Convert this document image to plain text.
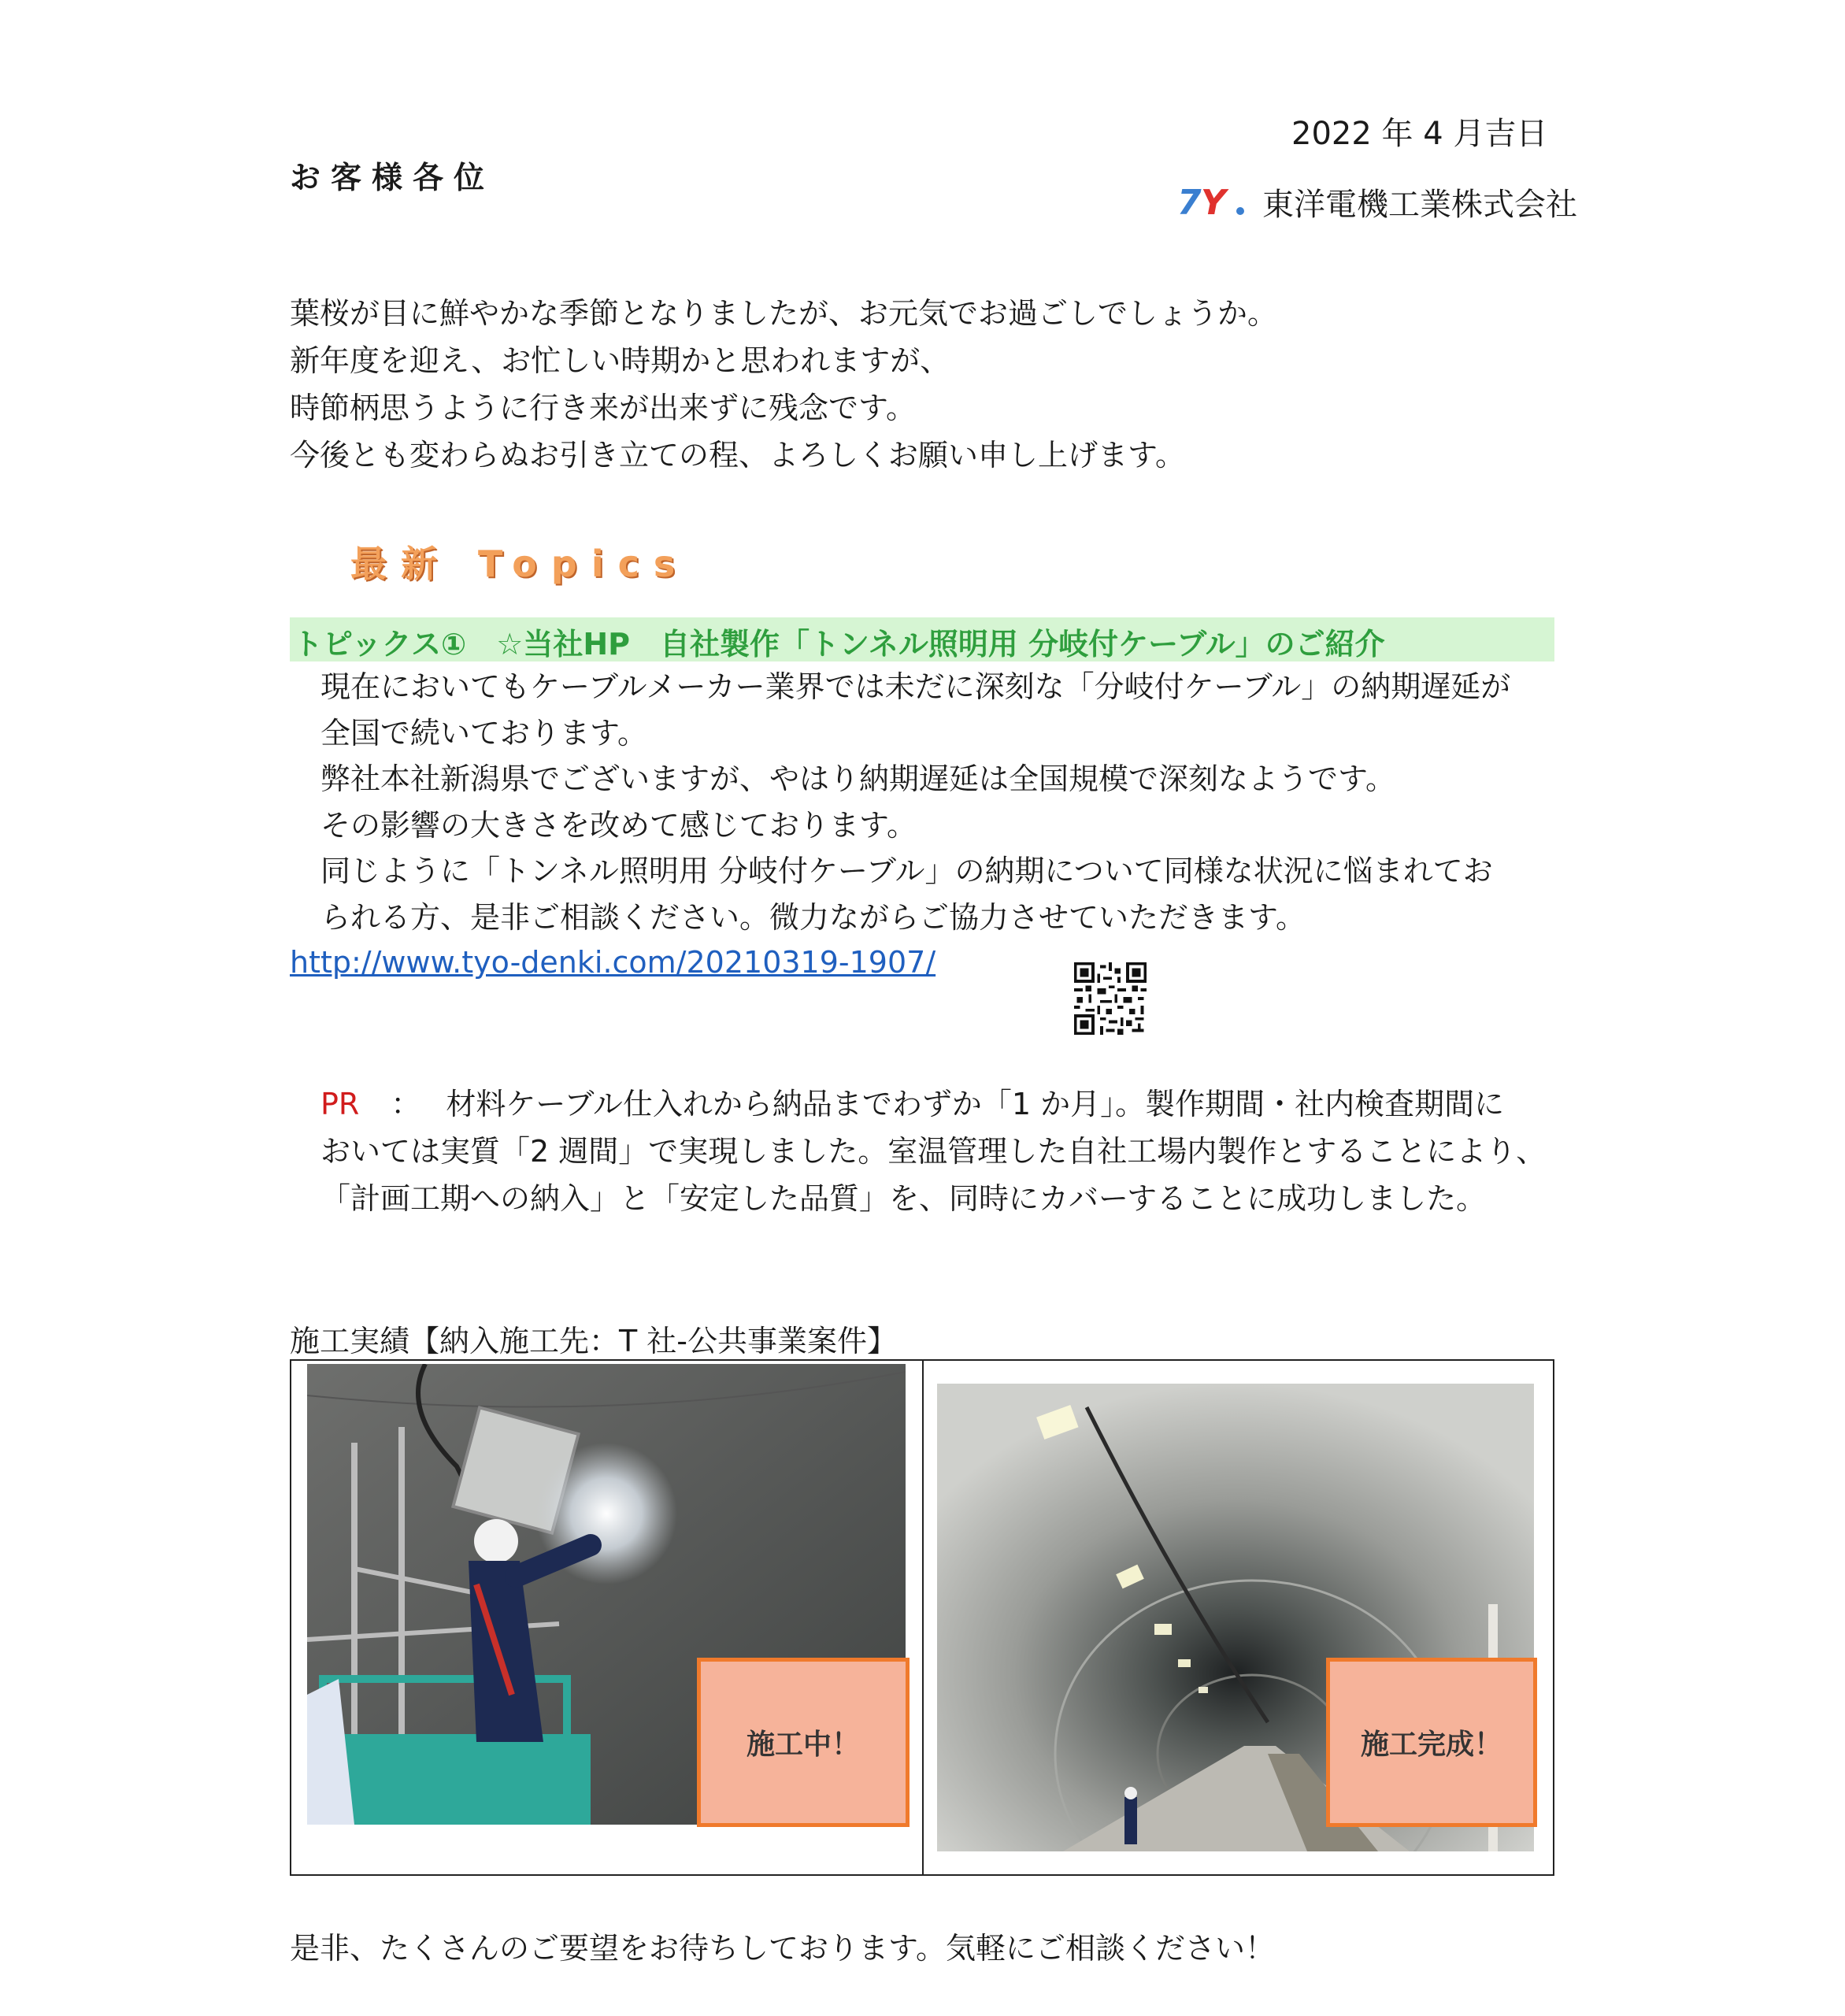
2022 年 4 月吉日
お客様各位
7 Y 東洋電機工業株式会社
葉桜が目に鮮やかな季節となりましたが、お元気でお過ごしでしょうか。
新年度を迎え、お忙しい時期かと思われますが、
時節柄思うように行き来が出来ずに残念です。
今後とも変わらぬお引き立ての程、よろしくお願い申し上げます。
最新 Topics
トピックス①　☆当社HP　自社製作「トンネル照明用 分岐付ケーブル」のご紹介
現在においてもケーブルメーカー業界では未だに深刻な「分岐付ケーブル」の納期遅延が
全国で続いております。
弊社本社新潟県でございますが、やはり納期遅延は全国規模で深刻なようです。
その影響の大きさを改めて感じております。
同じように「トンネル照明用 分岐付ケーブル」の納期について同様な状況に悩まれてお
られる方、是非ご相談ください。微力ながらご協力させていただきます。
http://www.tyo-denki.com/20210319-1907/
PR ： 材料ケーブル仕入れから納品までわずか「1 か月」。製作期間・社内検査期間に
おいては実質「2 週間」で実現しました。室温管理した自社工場内製作とすることにより、
「計画工期への納入」と「安定した品質」を、同時にカバーすることに成功しました。
施工実績【納入施工先：T 社-公共事業案件】
施工中！	施工完成！
是非、たくさんのご要望をお待ちしております。気軽にご相談ください！
